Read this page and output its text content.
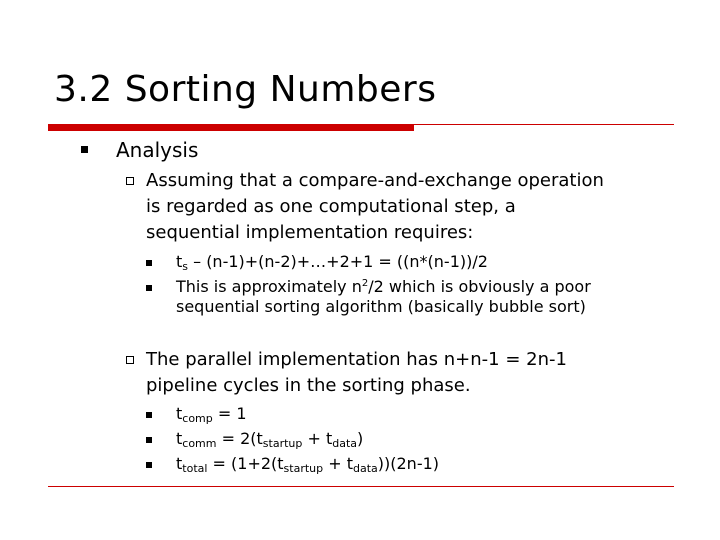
3.2 Sorting Numbers
Analysis
Assuming that a compare-and-exchange operation
is regarded as one computational step, a
sequential implementation requires:
$t_s$ – (n-1)+(n-2)+…+2+1 = ((n*(n-1))/2
This is approximately $n^2/2$ which is obviously a poor
sequential sorting algorithm (basically bubble sort)
The parallel implementation has n+n-1 = 2n-1
pipeline cycles in the sorting phase.
$t_{comp} = 1$
$t_{comm} = 2(t_{startup} + t_{data})$
$t_{total} = (1+2(t_{startup} + t_{data}))(2n-1)$
